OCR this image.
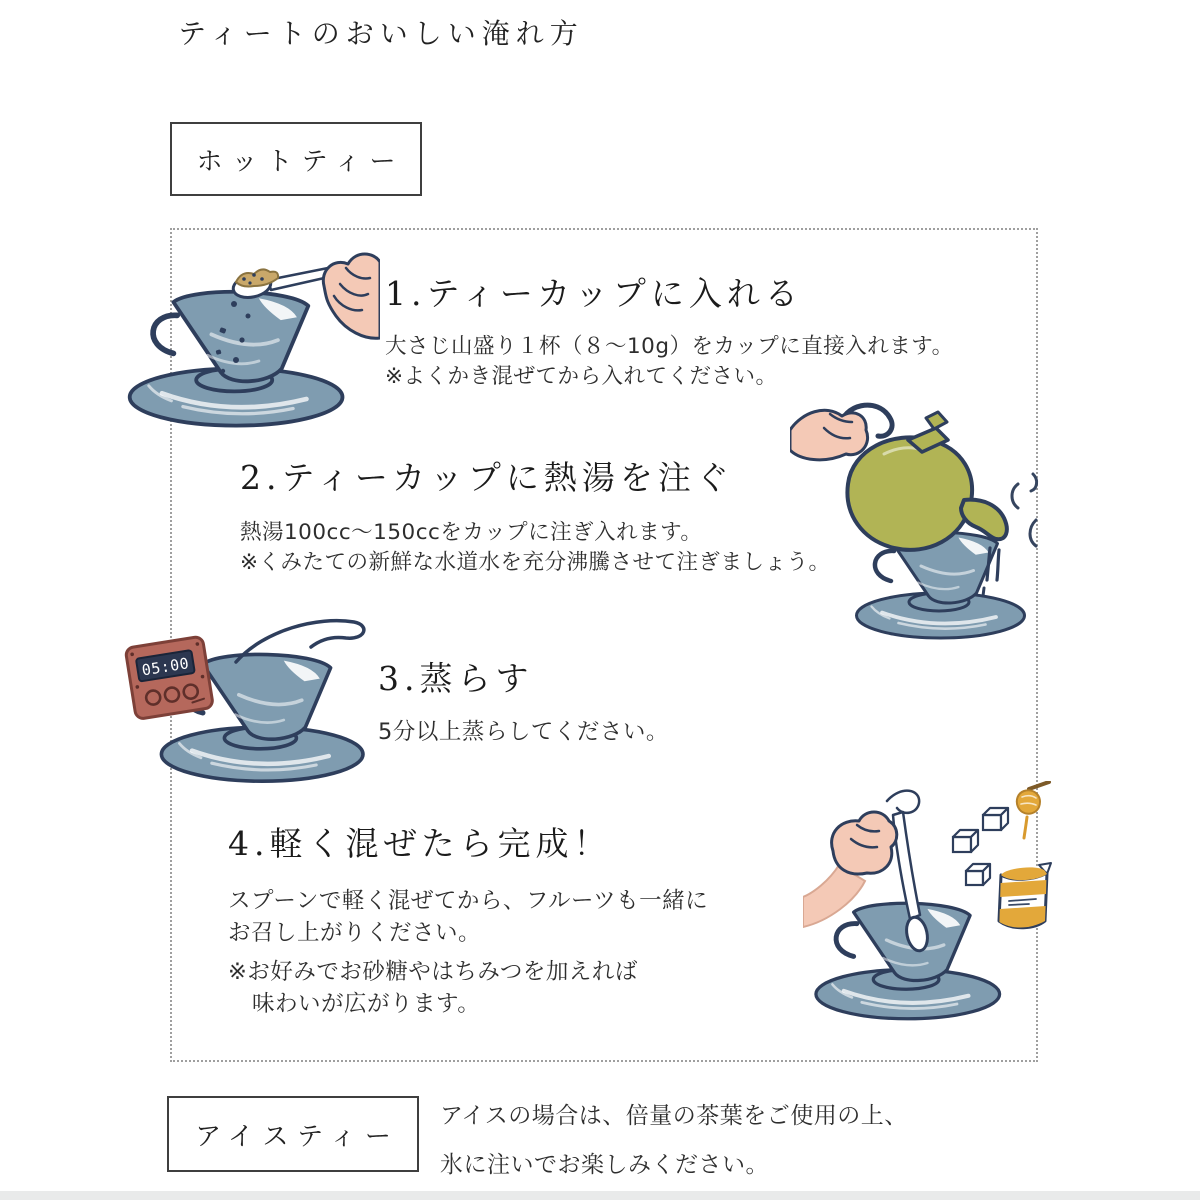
ティートのおいしい淹れ方
ホットティー
1.ティーカップに入れる

大さじ山盛り１杯（８～10g）をカップに直接入れます。

※よくかき混ぜてから入れてください。

2.ティーカップに熱湯を注ぐ

熱湯100cc～150ccをカップに注ぎ入れます。

※くみたての新鮮な水道水を充分沸騰させて注ぎましょう。

05:00	3.蒸らす

5分以上蒸らしてください。

4.軽く混ぜたら完成！

スプーンで軽く混ぜてから、フルーツも一緒に

お召し上がりください。

※お好みでお砂糖やはちみつを加えれば

味わいが広がります。

アイスティー

アイスの場合は、倍量の茶葉をご使用の上、

氷に注いでお楽しみください。
